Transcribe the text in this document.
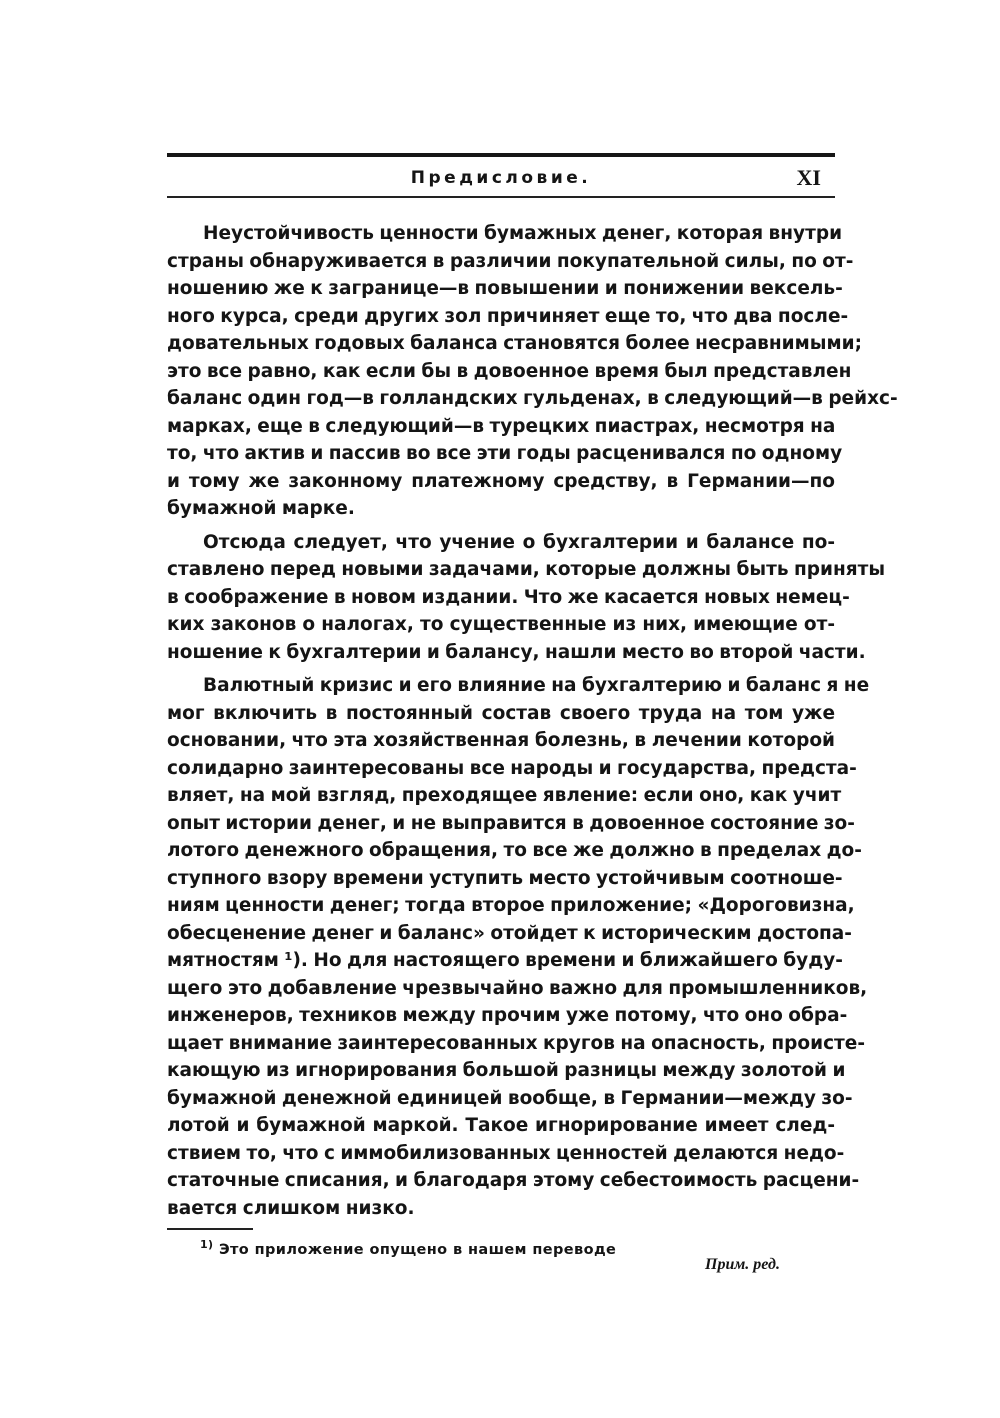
Предисловие.	XI

Неустойчивость ценности бумажных денег, которая внутри
страны обнаруживается в различии покупательной силы, по от-
ношению же к загранице—в повышении и понижении вексель-
ного курса, среди других зол причиняет еще то, что два после-
довательных годовых баланса становятся более несравнимыми;
это все равно, как если бы в довоенное время был представлен
баланс один год—в голландских гульденах, в следующий—в рейхс-
марках, еще в следующий—в турецких пиастрах, несмотря на
то, что актив и пассив во все эти годы расценивался по одному
и тому же законному платежному средству, в Германии—по
бумажной марке.

Отсюда следует, что учение о бухгалтерии и балансе по-
ставлено перед новыми задачами, которые должны быть приняты
в соображение в новом издании. Что же касается новых немец-
ких законов о налогах, то существенные из них, имеющие от-
ношение к бухгалтерии и балансу, нашли место во второй части.

Валютный кризис и его влияние на бухгалтерию и баланс я не
мог включить в постоянный состав своего труда на том уже
основании, что эта хозяйственная болезнь, в лечении которой
солидарно заинтересованы все народы и государства, предста-
вляет, на мой взгляд, преходящее явление: если оно, как учит
опыт истории денег, и не выправится в довоенное состояние зо-
лотого денежного обращения, то все же должно в пределах до-
ступного взору времени уступить место устойчивым соотноше-
ниям ценности денег; тогда второе приложение; «Дороговизна,
обесценение денег и баланс» отойдет к историческим достопа-
мятностям ¹). Но для настоящего времени и ближайшего буду-
щего это добавление чрезвычайно важно для промышленников,
инженеров, техников между прочим уже потому, что оно обра-
щает внимание заинтересованных кругов на опасность, происте-
кающую из игнорирования большой разницы между золотой и
бумажной денежной единицей вообще, в Германии—между зо-
лотой и бумажной маркой. Такое игнорирование имеет след-
ствием то, что с иммобилизованных ценностей делаются недо-
статочные списания, и благодаря этому себестоимость расцени-
вается слишком низко.

$^{1)}$ Это приложение опущено в нашем переводе
Прим. ред.
